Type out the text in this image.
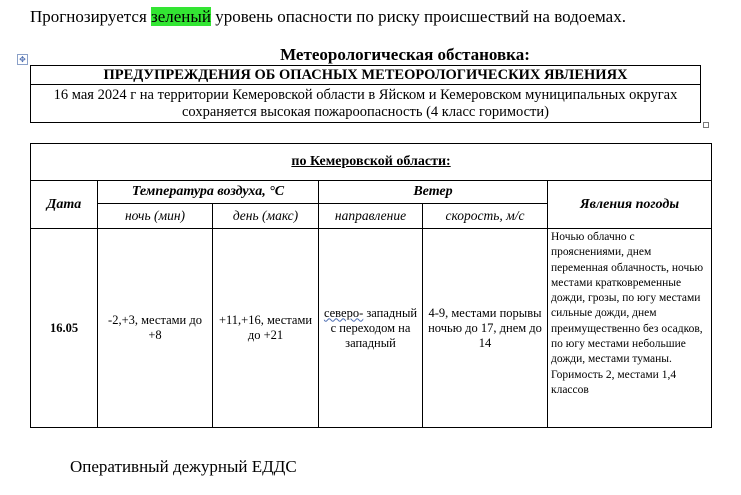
Прогнозируется зеленый уровень опасности по риску происшествий на водоемах.
✥	Метеорологическая обстановка:
ПРЕДУПРЕЖДЕНИЯ ОБ ОПАСНЫХ МЕТЕОРОЛОГИЧЕСКИХ ЯВЛЕНИЯХ
16 мая 2024 г на территории Кемеровской области в Яйском и Кемеровском муниципальных округах сохраняется высокая пожароопасность (4 класс горимости)
по Кемеровской области:					
Дата	Температура воздуха, °С		Ветер		Явления погоды
	ночь (мин)	день (макс)	направление	скорость, м/с	
16.05	-2,+3, местами до +8	+11,+16, местами до +21	северо- западный с переходом на западный	4-9, местами порывы ночью до 17, днем до 14	Ночью облачно с прояснениями, днем переменная облачность, ночью местами кратковременные дожди, грозы, по югу местами сильные дожди, днем преимущественно без осадков, по югу местами небольшие дожди, местами туманы. Горимость 2, местами 1,4 классов
Оперативный дежурный ЕДДС
